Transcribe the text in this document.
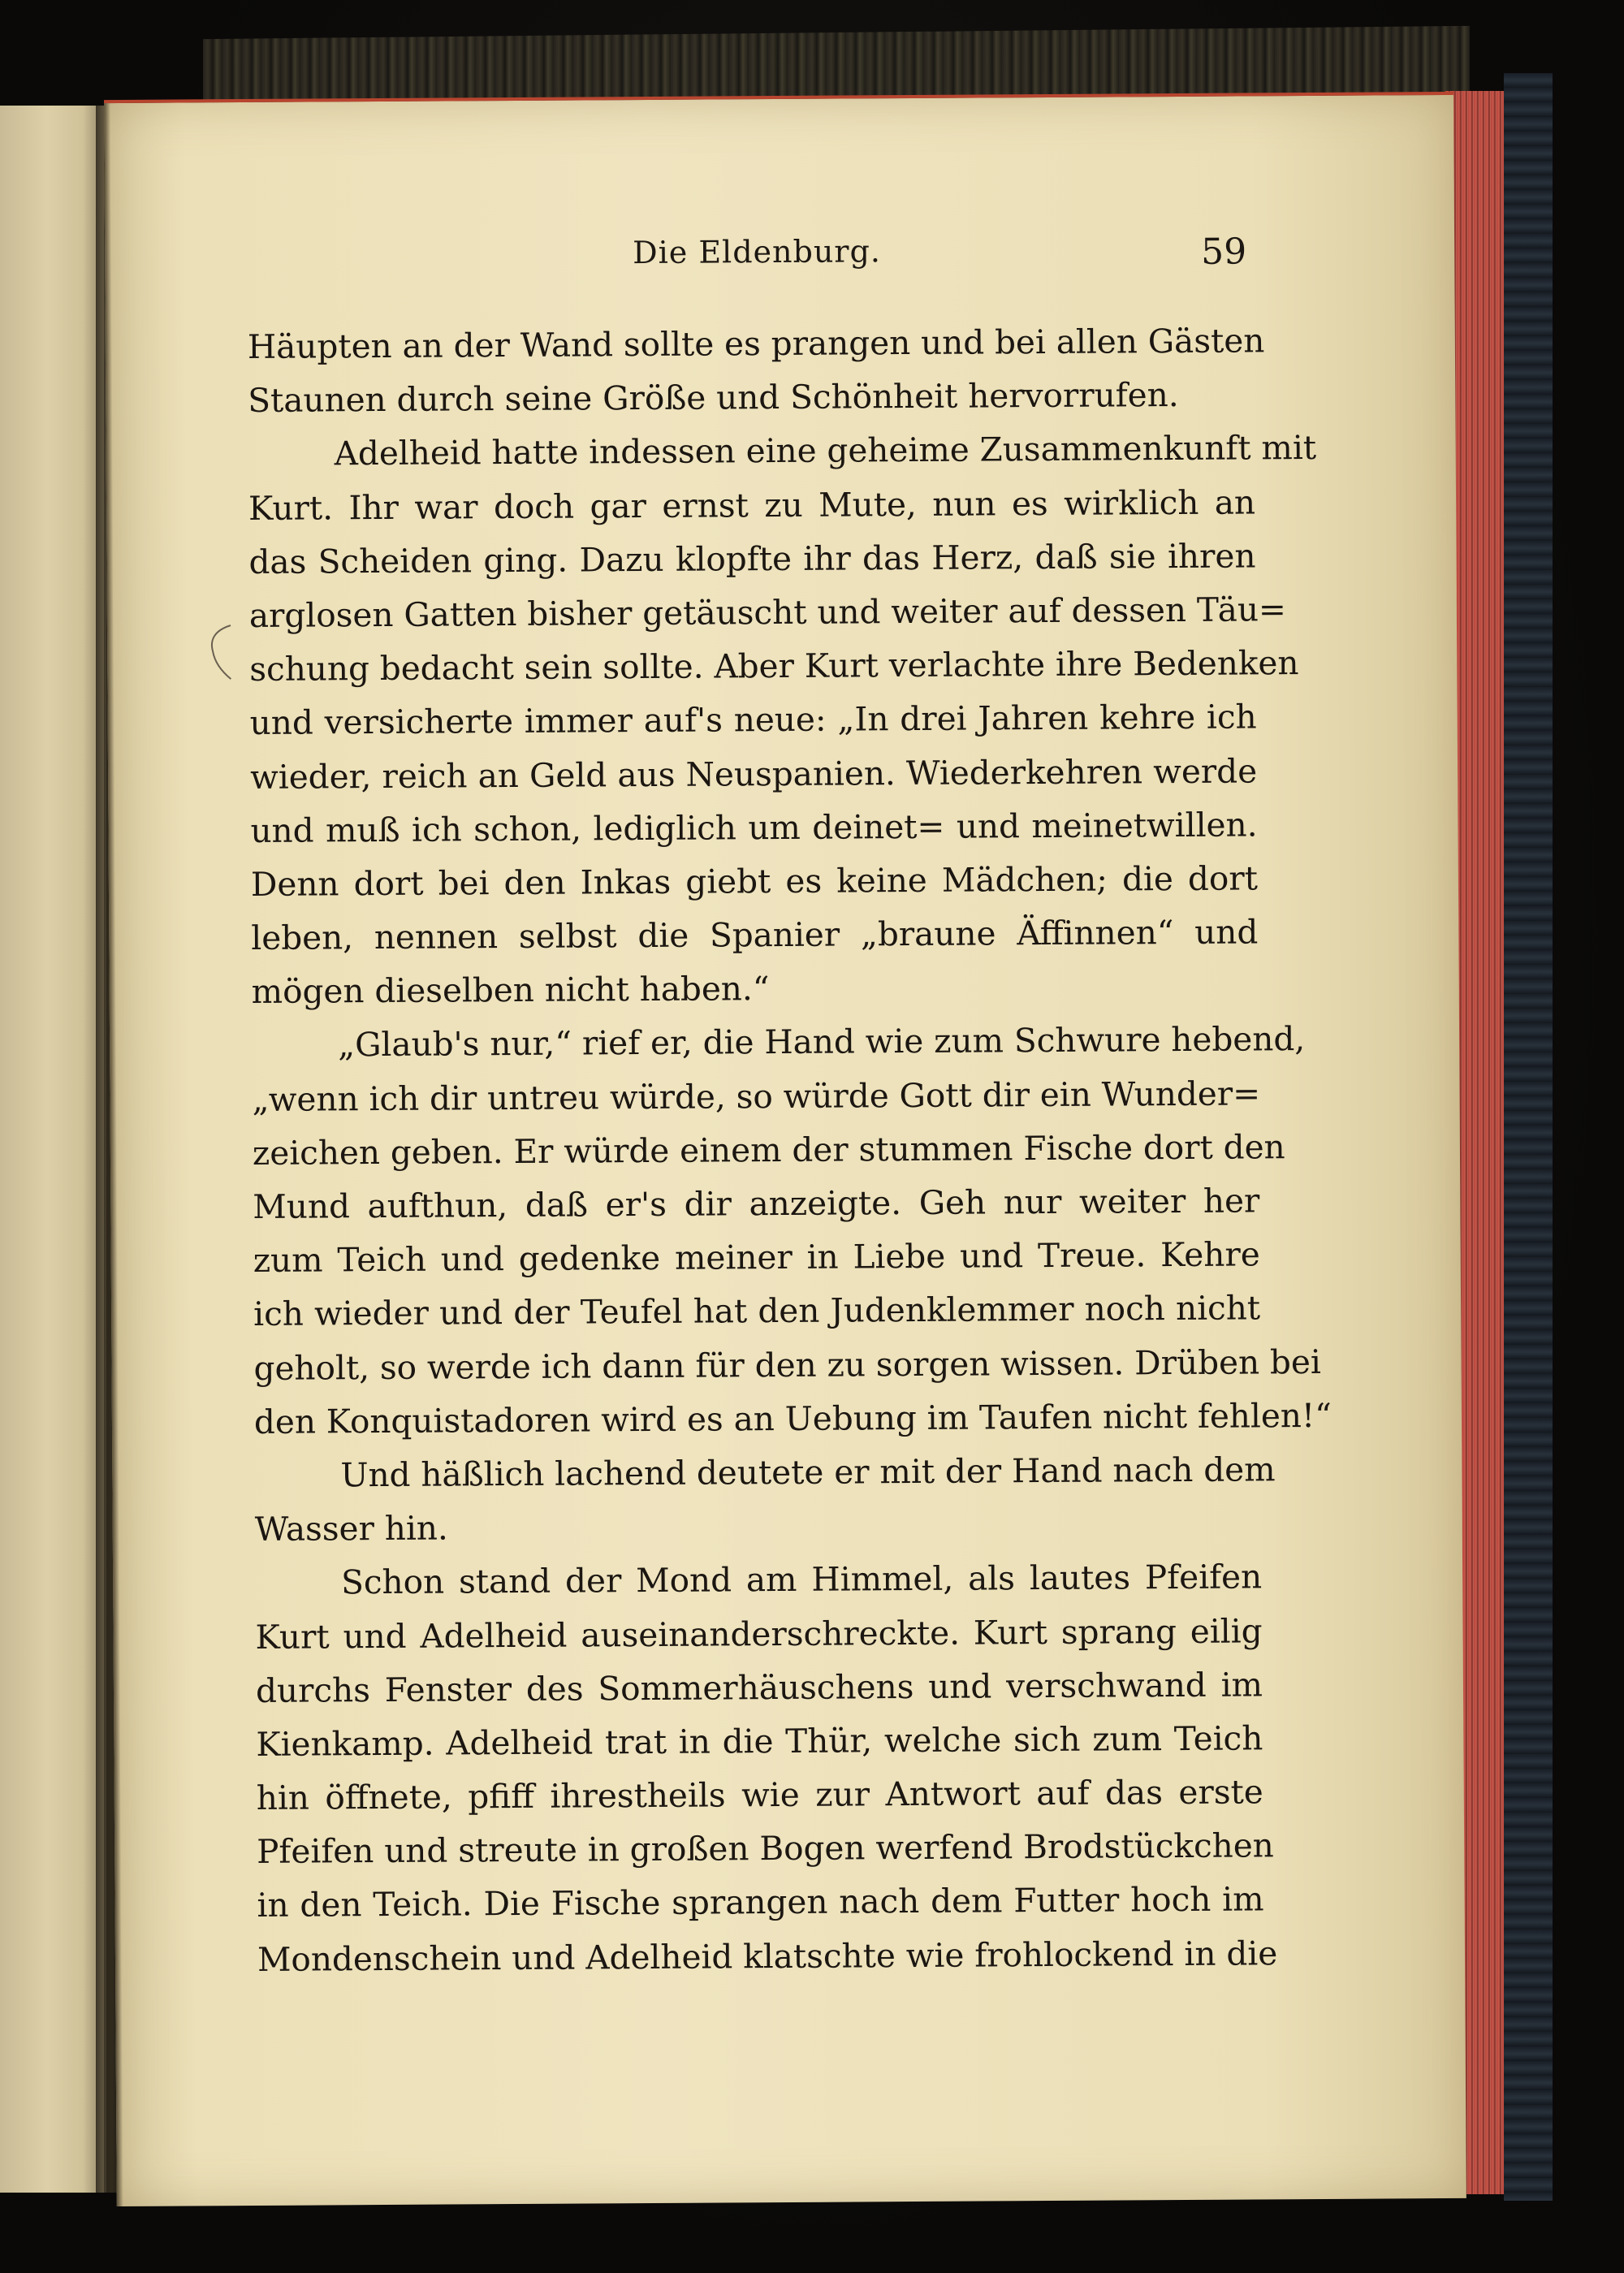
Die Eldenburg.	59
Häupten an der Wand sollte es prangen und bei allen Gästen
Staunen durch seine Größe und Schönheit hervorrufen.
Adelheid hatte indessen eine geheime Zusammenkunft mit
Kurt. Ihr war doch gar ernst zu Mute, nun es wirklich an
das Scheiden ging. Dazu klopfte ihr das Herz, daß sie ihren
arglosen Gatten bisher getäuscht und weiter auf dessen Täu=
schung bedacht sein sollte. Aber Kurt verlachte ihre Bedenken
und versicherte immer auf's neue: „In drei Jahren kehre ich
wieder, reich an Geld aus Neuspanien. Wiederkehren werde
und muß ich schon, lediglich um deinet= und meinetwillen.
Denn dort bei den Inkas giebt es keine Mädchen; die dort
leben, nennen selbst die Spanier „braune Äffinnen“ und
mögen dieselben nicht haben.“
„Glaub's nur,“ rief er, die Hand wie zum Schwure hebend,
„wenn ich dir untreu würde, so würde Gott dir ein Wunder=
zeichen geben. Er würde einem der stummen Fische dort den
Mund aufthun, daß er's dir anzeigte. Geh nur weiter her
zum Teich und gedenke meiner in Liebe und Treue. Kehre
ich wieder und der Teufel hat den Judenklemmer noch nicht
geholt, so werde ich dann für den zu sorgen wissen. Drüben bei
den Konquistadoren wird es an Uebung im Taufen nicht fehlen!“
Und häßlich lachend deutete er mit der Hand nach dem
Wasser hin.
Schon stand der Mond am Himmel, als lautes Pfeifen
Kurt und Adelheid auseinanderschreckte. Kurt sprang eilig
durchs Fenster des Sommerhäuschens und verschwand im
Kienkamp. Adelheid trat in die Thür, welche sich zum Teich
hin öffnete, pfiff ihrestheils wie zur Antwort auf das erste
Pfeifen und streute in großen Bogen werfend Brodstückchen
in den Teich. Die Fische sprangen nach dem Futter hoch im
Mondenschein und Adelheid klatschte wie frohlockend in die
